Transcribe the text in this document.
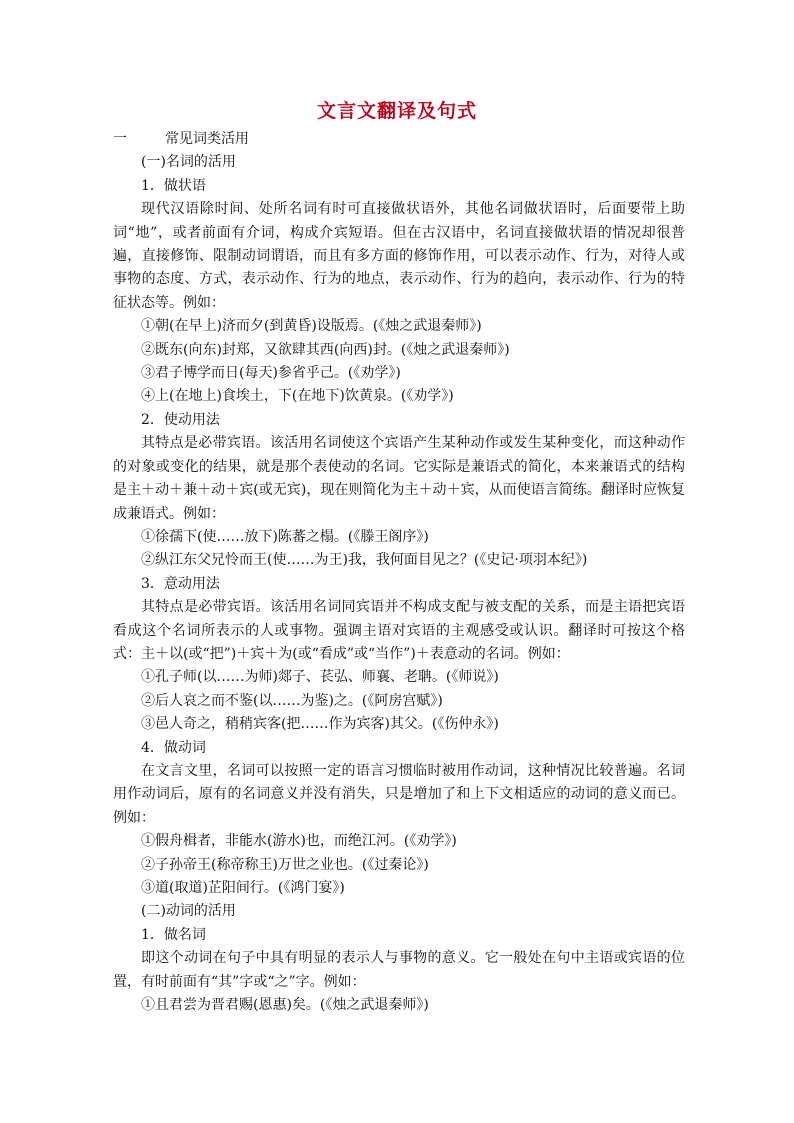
文言文翻译及句式

一	常见词类活用

(一)名词的活用

1．做状语

现代汉语除时间、处所名词有时可直接做状语外，其他名词做状语时，后面要带上助词“地”，或者前面有介词，构成介宾短语。但在古汉语中，名词直接做状语的情况却很普遍，直接修饰、限制动词谓语，而且有多方面的修饰作用，可以表示动作、行为，对待人或事物的态度、方式，表示动作、行为的地点，表示动作、行为的趋向，表示动作、行为的特征状态等。例如：

①朝(在早上)济而夕(到黄昏)设版焉。(《烛之武退秦师》)

②既东(向东)封郑，又欲肆其西(向西)封。(《烛之武退秦师》)

③君子博学而日(每天)参省乎己。(《劝学》)

④上(在地上)食埃土，下(在地下)饮黄泉。(《劝学》)

2．使动用法

其特点是必带宾语。该活用名词使这个宾语产生某种动作或发生某种变化，而这种动作的对象或变化的结果，就是那个表使动的名词。它实际是兼语式的简化，本来兼语式的结构是主＋动＋兼＋动＋宾(或无宾)，现在则简化为主＋动＋宾，从而使语言简练。翻译时应恢复成兼语式。例如：

①徐孺下(使……放下)陈蕃之榻。(《滕王阁序》)

②纵江东父兄怜而王(使……为王)我，我何面目见之？(《史记·项羽本纪》)

3．意动用法

其特点是必带宾语。该活用名词同宾语并不构成支配与被支配的关系，而是主语把宾语看成这个名词所表示的人或事物。强调主语对宾语的主观感受或认识。翻译时可按这个格式：主＋以(或“把”)＋宾＋为(或“看成”或“当作”)＋表意动的名词。例如：

①孔子师(以……为师)郯子、苌弘、师襄、老聃。(《师说》)

②后人哀之而不鉴(以……为鉴)之。(《阿房宫赋》)

③邑人奇之，稍稍宾客(把……作为宾客)其父。(《伤仲永》)

4．做动词

在文言文里，名词可以按照一定的语言习惯临时被用作动词，这种情况比较普遍。名词用作动词后，原有的名词意义并没有消失，只是增加了和上下文相适应的动词的意义而已。例如：

①假舟楫者，非能水(游水)也，而绝江河。(《劝学》)

②子孙帝王(称帝称王)万世之业也。(《过秦论》)

③道(取道)芷阳间行。(《鸿门宴》)

(二)动词的活用

1．做名词

即这个动词在句子中具有明显的表示人与事物的意义。它一般处在句中主语或宾语的位置，有时前面有“其”字或“之”字。例如：

①且君尝为晋君赐(恩惠)矣。(《烛之武退秦师》)
